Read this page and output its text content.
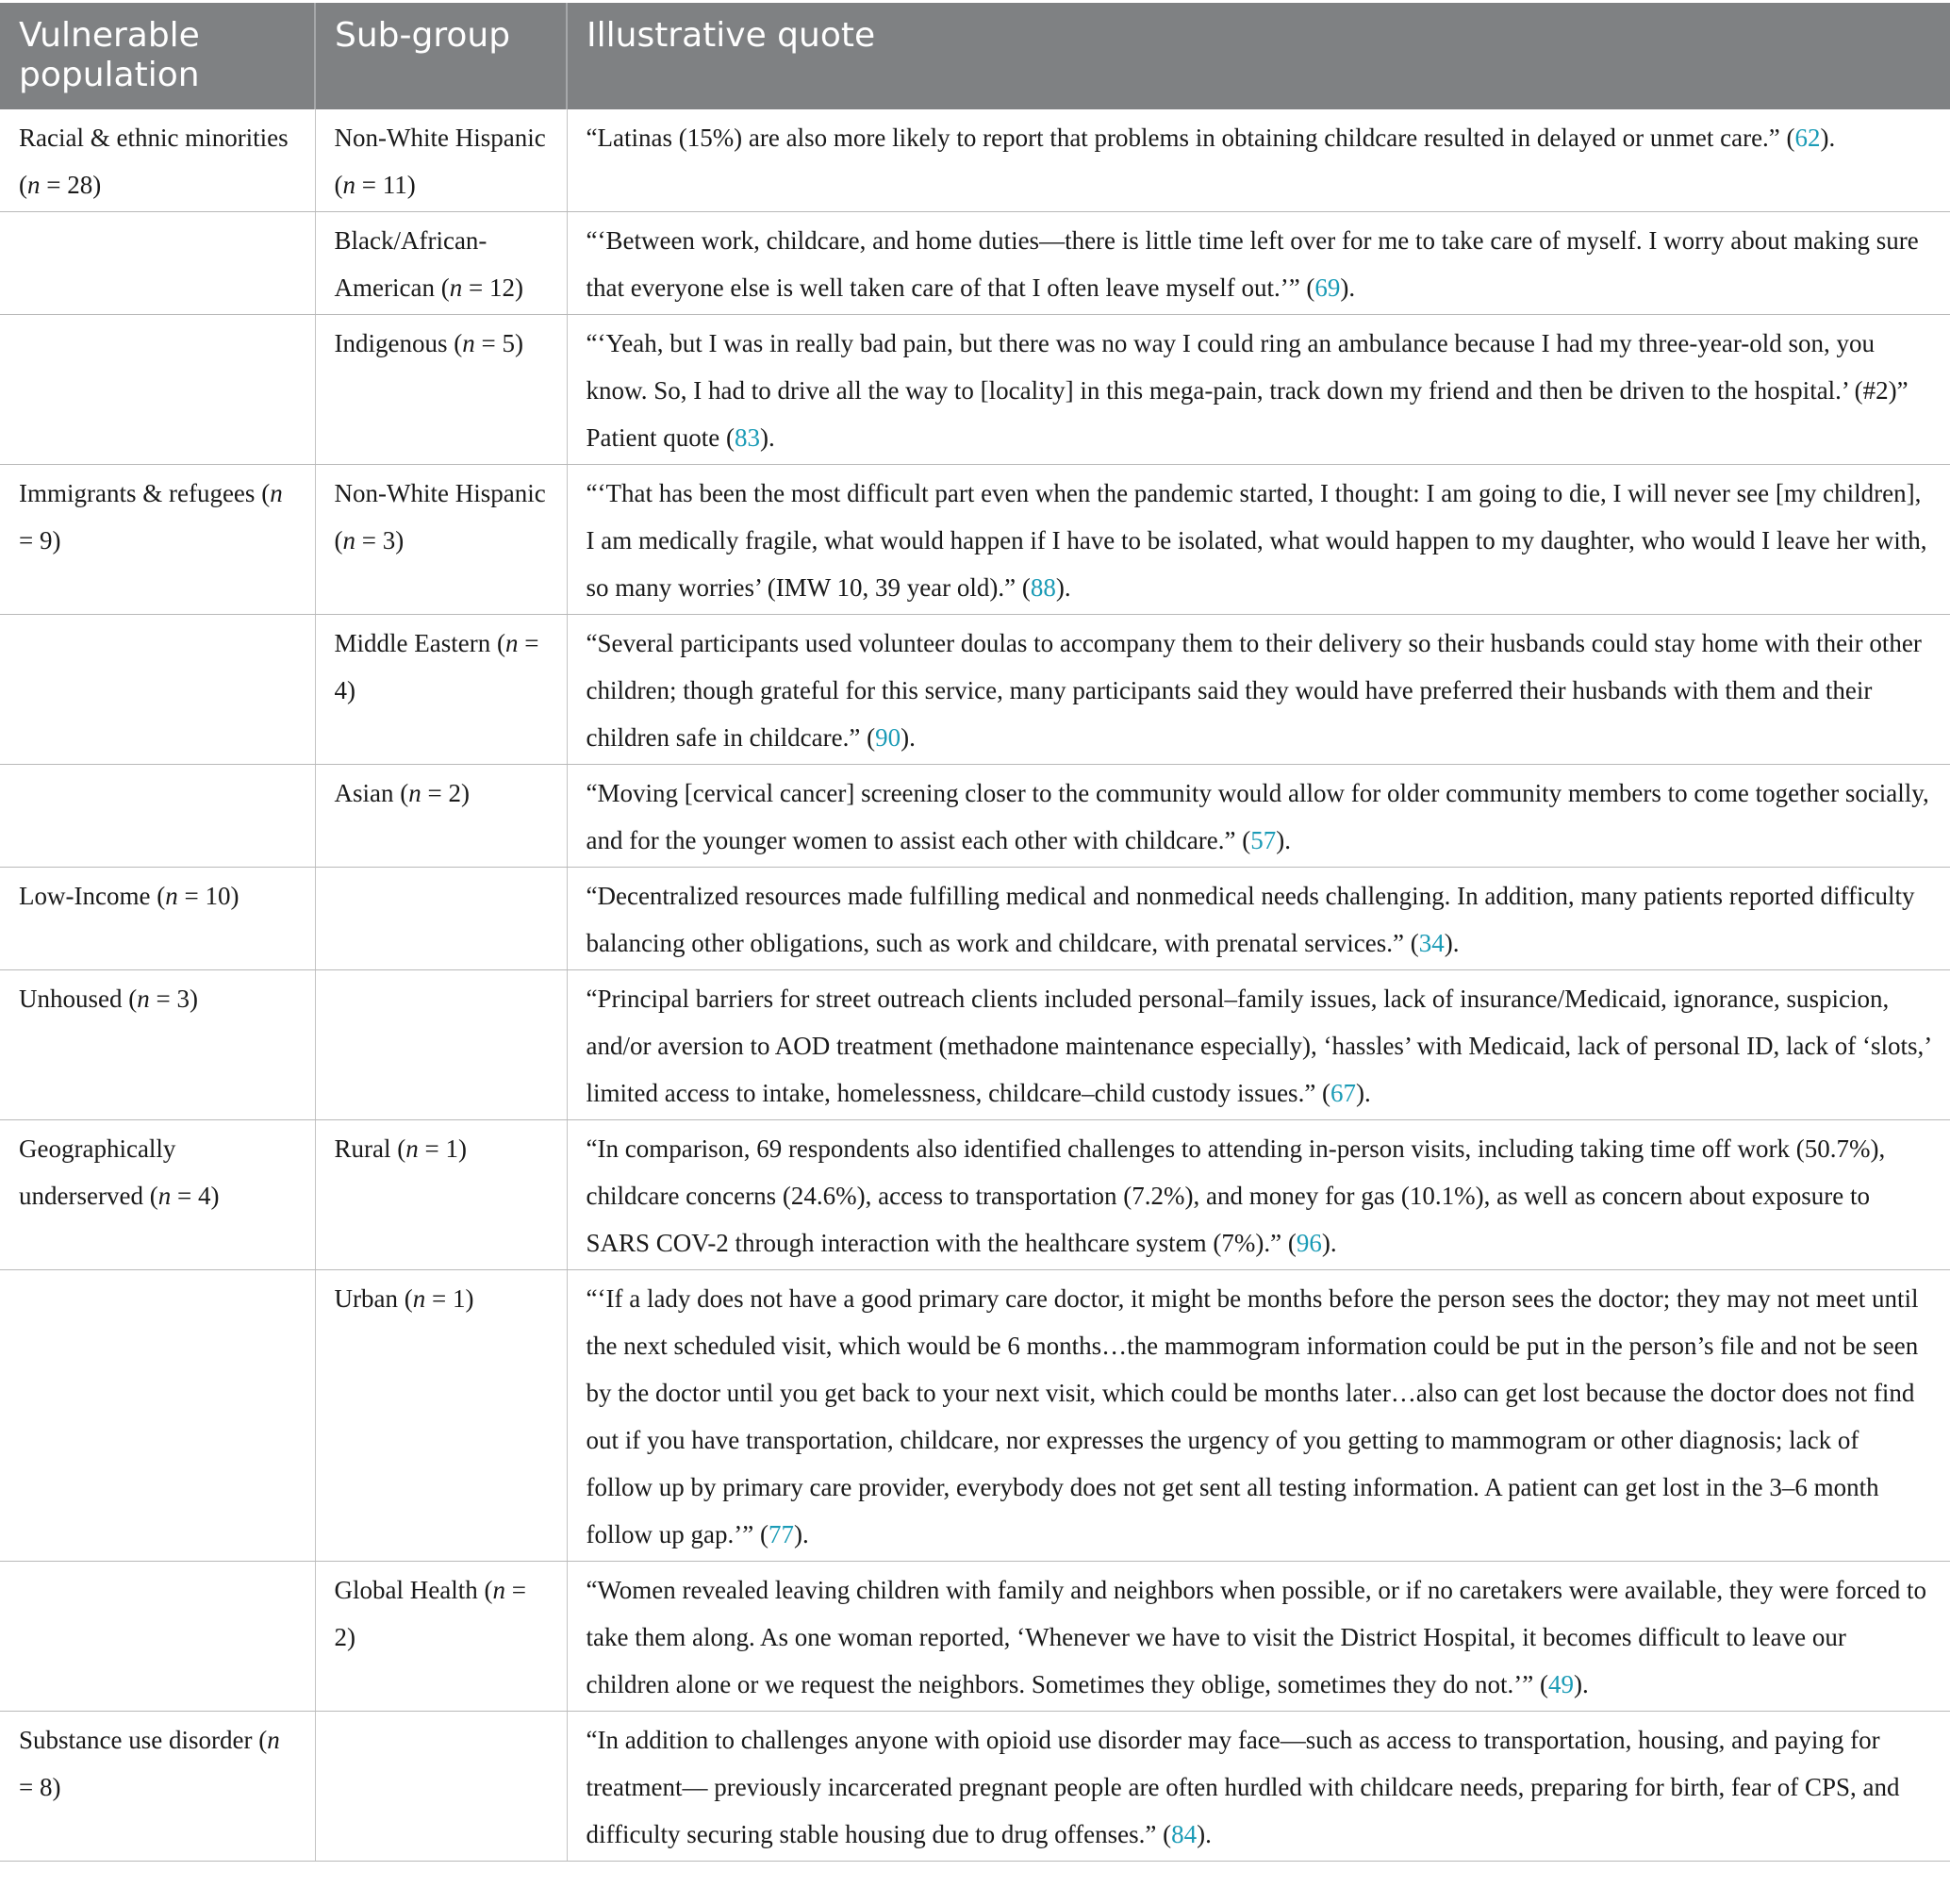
Vulnerable population	Sub-group	Illustrative quote
Racial & ethnic minorities (n = 28)	Non-White Hispanic (n = 11)	“Latinas (15%) are also more likely to report that problems in obtaining childcare resulted in delayed or unmet care.” (62).
	Black/African-American (n = 12)	“‘Between work, childcare, and home duties—there is little time left over for me to take care of myself. I worry about making sure that everyone else is well taken care of that I often leave myself out.’” (69).
	Indigenous (n = 5)	“‘Yeah, but I was in really bad pain, but there was no way I could ring an ambulance because I had my three-year-old son, you know. So, I had to drive all the way to [locality] in this mega-pain, track down my friend and then be driven to the hospital.’ (#2)” Patient quote (83).
Immigrants & refugees (n = 9)	Non-White Hispanic (n = 3)	“‘That has been the most difficult part even when the pandemic started, I thought: I am going to die, I will never see [my children], I am medically fragile, what would happen if I have to be isolated, what would happen to my daughter, who would I leave her with, so many worries’ (IMW 10, 39 year old).” (88).
	Middle Eastern (n = 4)	“Several participants used volunteer doulas to accompany them to their delivery so their husbands could stay home with their other children; though grateful for this service, many participants said they would have preferred their husbands with them and their children safe in childcare.” (90).
	Asian (n = 2)	“Moving [cervical cancer] screening closer to the community would allow for older community members to come together socially, and for the younger women to assist each other with childcare.” (57).
Low-Income (n = 10)		“Decentralized resources made fulfilling medical and nonmedical needs challenging. In addition, many patients reported difficulty balancing other obligations, such as work and childcare, with prenatal services.” (34).
Unhoused (n = 3)		“Principal barriers for street outreach clients included personal–family issues, lack of insurance/Medicaid, ignorance, suspicion, and/or aversion to AOD treatment (methadone maintenance especially), ‘hassles’ with Medicaid, lack of personal ID, lack of ‘slots,’ limited access to intake, homelessness, childcare–child custody issues.” (67).
Geographically underserved (n = 4)	Rural (n = 1)	“In comparison, 69 respondents also identified challenges to attending in-person visits, including taking time off work (50.7%), childcare concerns (24.6%), access to transportation (7.2%), and money for gas (10.1%), as well as concern about exposure to SARS COV-2 through interaction with the healthcare system (7%).” (96).
	Urban (n = 1)	“‘If a lady does not have a good primary care doctor, it might be months before the person sees the doctor; they may not meet until the next scheduled visit, which would be 6 months…the mammogram information could be put in the person’s file and not be seen by the doctor until you get back to your next visit, which could be months later…also can get lost because the doctor does not find out if you have transportation, childcare, nor expresses the urgency of you getting to mammogram or other diagnosis; lack of follow up by primary care provider, everybody does not get sent all testing information. A patient can get lost in the 3–6 month follow up gap.’” (77).
	Global Health (n = 2)	“Women revealed leaving children with family and neighbors when possible, or if no caretakers were available, they were forced to take them along. As one woman reported, ‘Whenever we have to visit the District Hospital, it becomes difficult to leave our children alone or we request the neighbors. Sometimes they oblige, sometimes they do not.’” (49).
Substance use disorder (n = 8)		“In addition to challenges anyone with opioid use disorder may face—such as access to transportation, housing, and paying for treatment— previously incarcerated pregnant people are often hurdled with childcare needs, preparing for birth, fear of CPS, and difficulty securing stable housing due to drug offenses.” (84).
